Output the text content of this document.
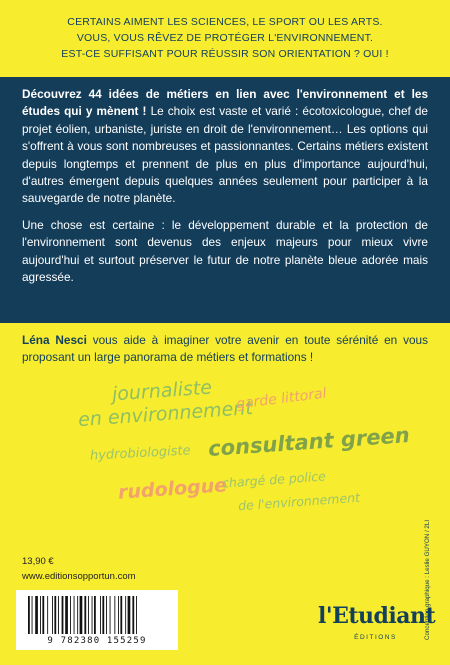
CERTAINS AIMENT LES SCIENCES, LE SPORT OU LES ARTS.
VOUS, VOUS RÊVEZ DE PROTÉGER L'ENVIRONNEMENT.
EST-CE SUFFISANT POUR RÉUSSIR SON ORIENTATION ? OUI !

Découvrez 44 idées de métiers en lien avec l'environnement et les études qui y mènent ! Le choix est vaste et varié : écotoxicologue, chef de projet éolien, urbaniste, juriste en droit de l'environnement… Les options qui s'offrent à vous sont nombreuses et passionnantes. Certains métiers existent depuis longtemps et prennent de plus en plus d'importance aujourd'hui, d'autres émergent depuis quelques années seulement pour participer à la sauvegarde de notre planète.

Une chose est certaine : le développement durable et la protection de l'environnement sont devenus des enjeux majeurs pour mieux vivre aujourd'hui et surtout préserver le futur de notre planète bleue adorée mais agressée.

Léna Nesci vous aide à imaginer votre avenir en toute sérénité en vous proposant un large panorama de métiers et formations !
journaliste
en environnement
garde littoral
consultant green
hydrobiologiste
rudologue
chargé de police
de l'environnement
Conception graphique : Leslie GUYON / 2LI
13,90 €
www.editionsopportun.com
9 782380 155259
l'Etudiant
ÉDITIONS
